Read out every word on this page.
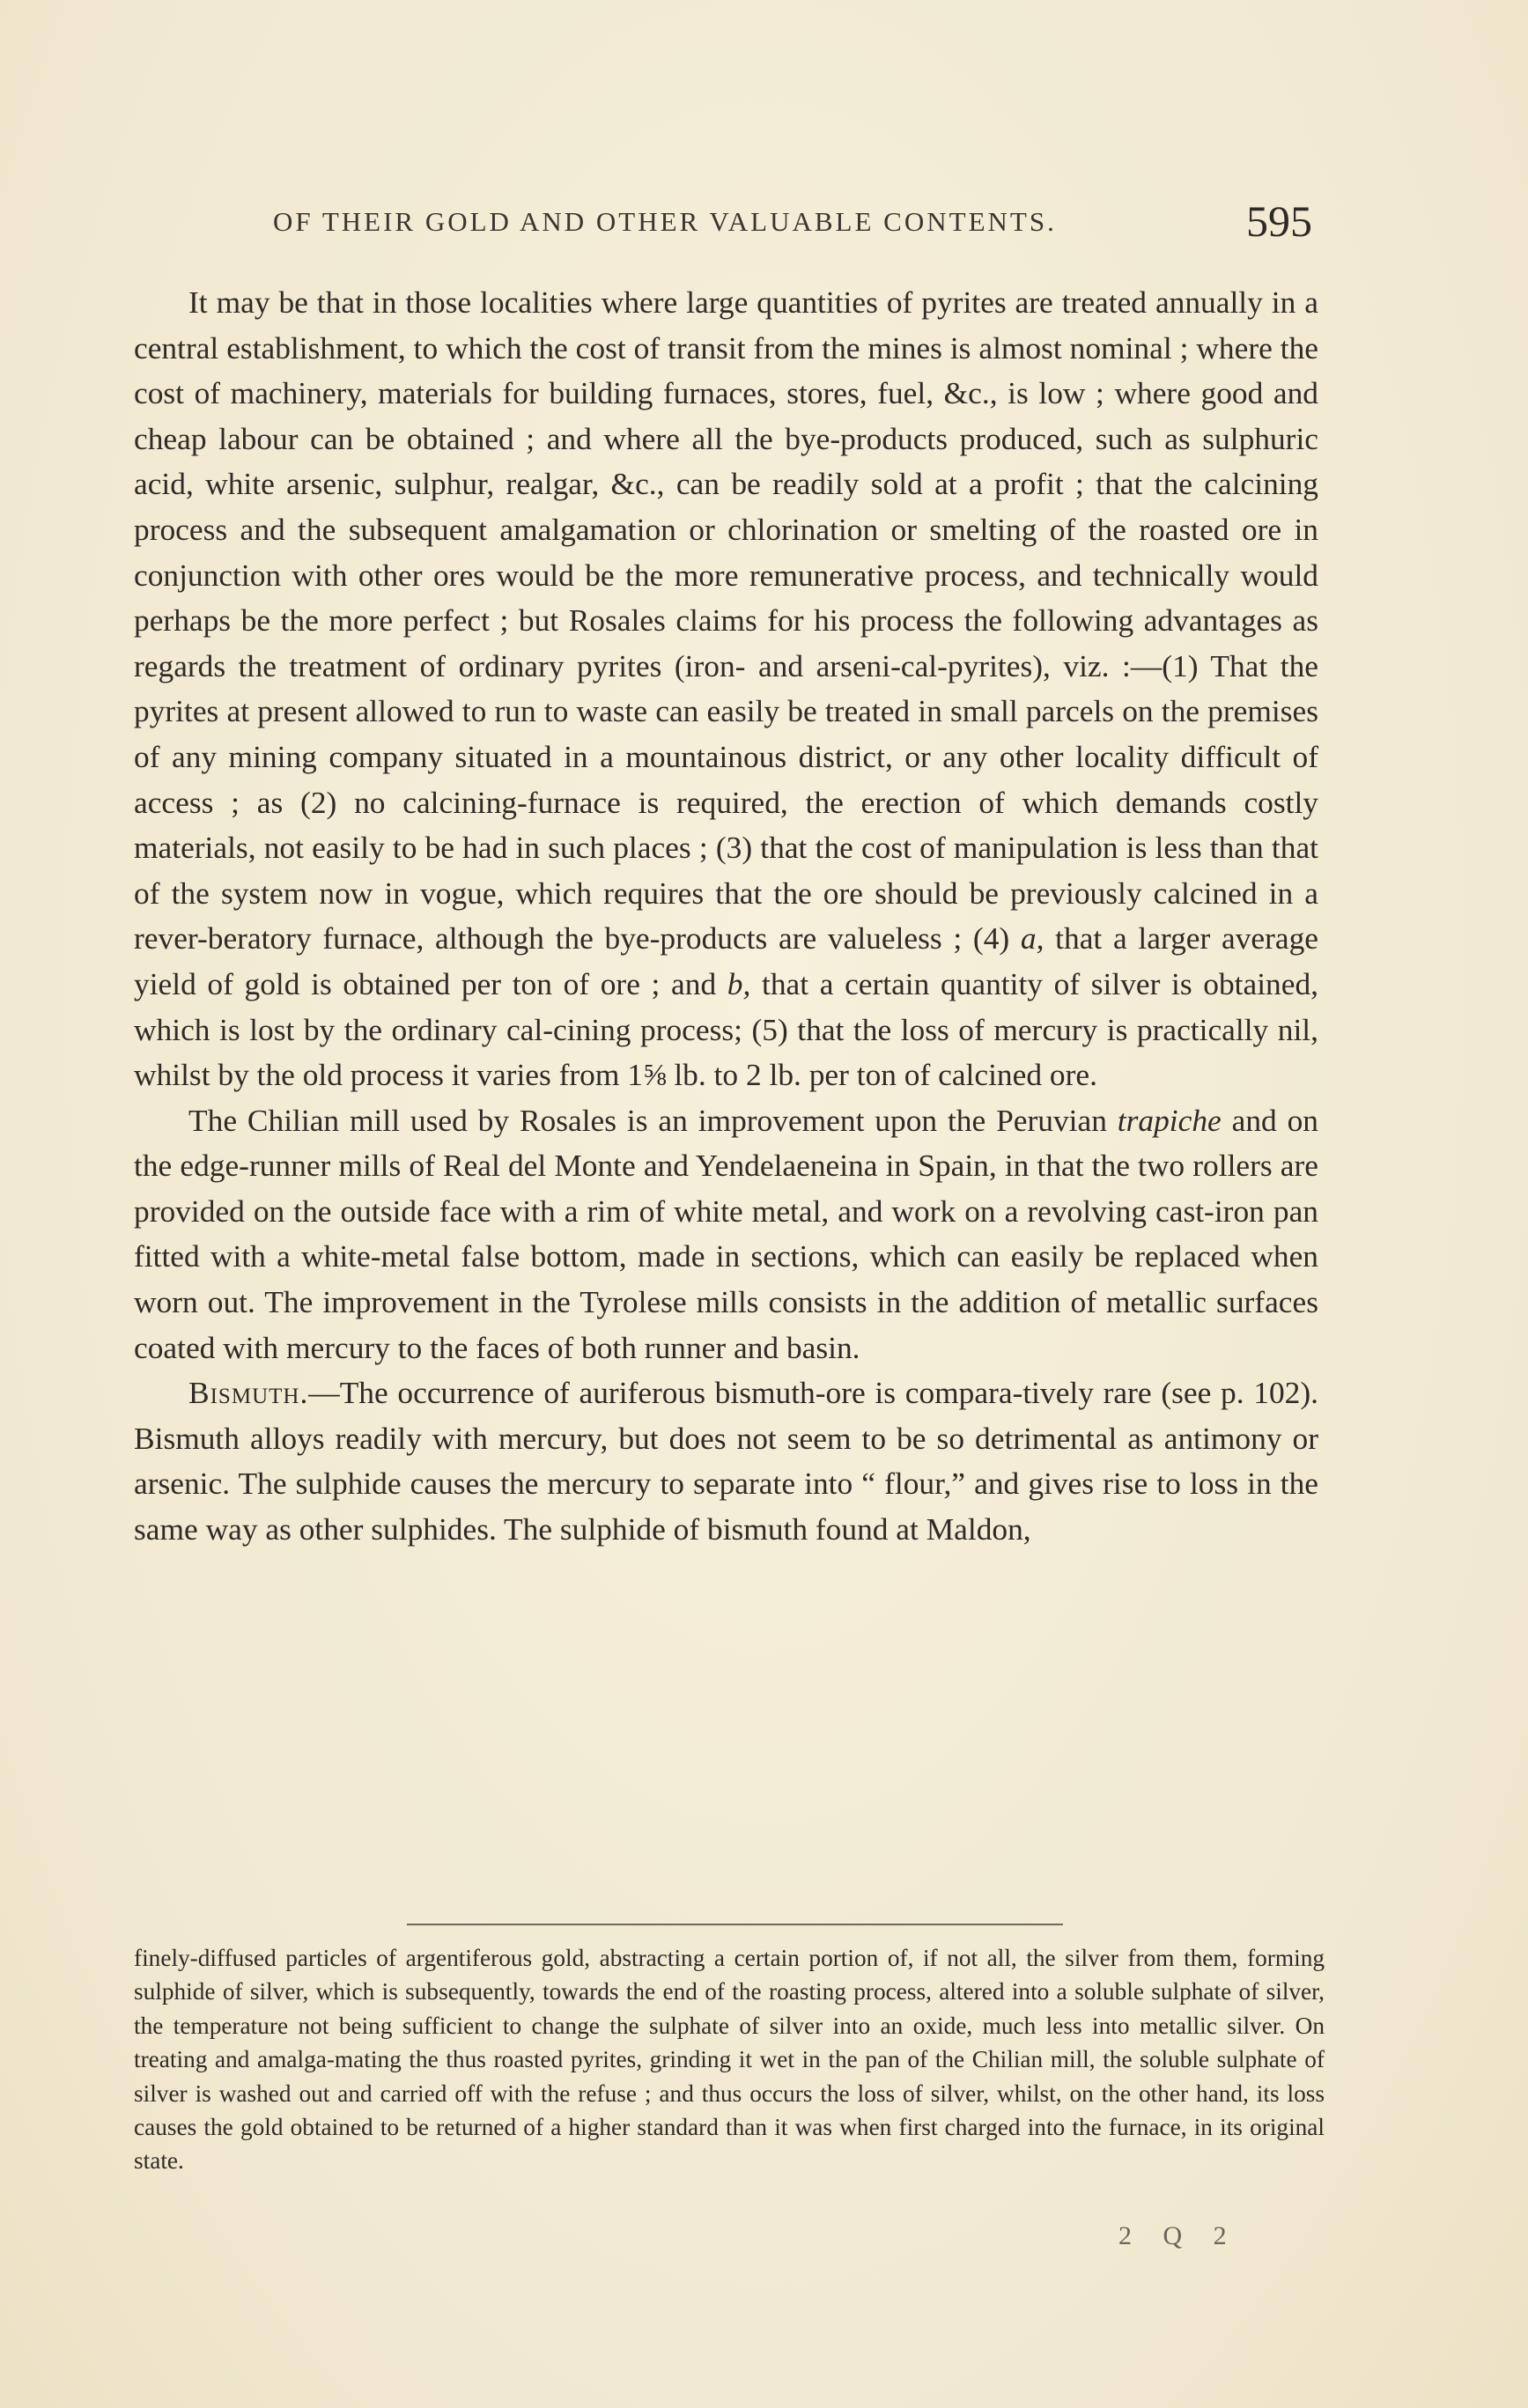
OF THEIR GOLD AND OTHER VALUABLE CONTENTS.	595

It may be that in those localities where large quantities of pyrites are treated annually in a central establishment, to which the cost of transit from the mines is almost nominal ; where the cost of machinery, materials for building furnaces, stores, fuel, &c., is low ; where good and cheap labour can be obtained ; and where all the bye-products produced, such as sulphuric acid, white arsenic, sulphur, realgar, &c., can be readily sold at a profit ; that the calcining process and the subsequent amalgamation or chlorination or smelting of the roasted ore in conjunction with other ores would be the more remunerative process, and technically would perhaps be the more perfect ; but Rosales claims for his process the following advantages as regards the treatment of ordinary pyrites (iron- and arseni-cal-pyrites), viz. :—(1) That the pyrites at present allowed to run to waste can easily be treated in small parcels on the premises of any mining company situated in a mountainous district, or any other locality difficult of access ; as (2) no calcining-furnace is required, the erection of which demands costly materials, not easily to be had in such places ; (3) that the cost of manipulation is less than that of the system now in vogue, which requires that the ore should be previously calcined in a rever-beratory furnace, although the bye-products are valueless ; (4) a, that a larger average yield of gold is obtained per ton of ore ; and b, that a certain quantity of silver is obtained, which is lost by the ordinary cal-cining process; (5) that the loss of mercury is practically nil, whilst by the old process it varies from 1⅝ lb. to 2 lb. per ton of calcined ore.

The Chilian mill used by Rosales is an improvement upon the Peruvian trapiche and on the edge-runner mills of Real del Monte and Yendelaeneina in Spain, in that the two rollers are provided on the outside face with a rim of white metal, and work on a revolving cast-iron pan fitted with a white-metal false bottom, made in sections, which can easily be replaced when worn out. The improvement in the Tyrolese mills consists in the addition of metallic surfaces coated with mercury to the faces of both runner and basin.

Bismuth.—The occurrence of auriferous bismuth-ore is compara-tively rare (see p. 102). Bismuth alloys readily with mercury, but does not seem to be so detrimental as antimony or arsenic. The sulphide causes the mercury to separate into “ flour,” and gives rise to loss in the same way as other sulphides. The sulphide of bismuth found at Maldon,

finely-diffused particles of argentiferous gold, abstracting a certain portion of, if not all, the silver from them, forming sulphide of silver, which is subsequently, towards the end of the roasting process, altered into a soluble sulphate of silver, the temperature not being sufficient to change the sulphate of silver into an oxide, much less into metallic silver. On treating and amalga-mating the thus roasted pyrites, grinding it wet in the pan of the Chilian mill, the soluble sulphate of silver is washed out and carried off with the refuse ; and thus occurs the loss of silver, whilst, on the other hand, its loss causes the gold obtained to be returned of a higher standard than it was when first charged into the furnace, in its original state.
2 Q 2
